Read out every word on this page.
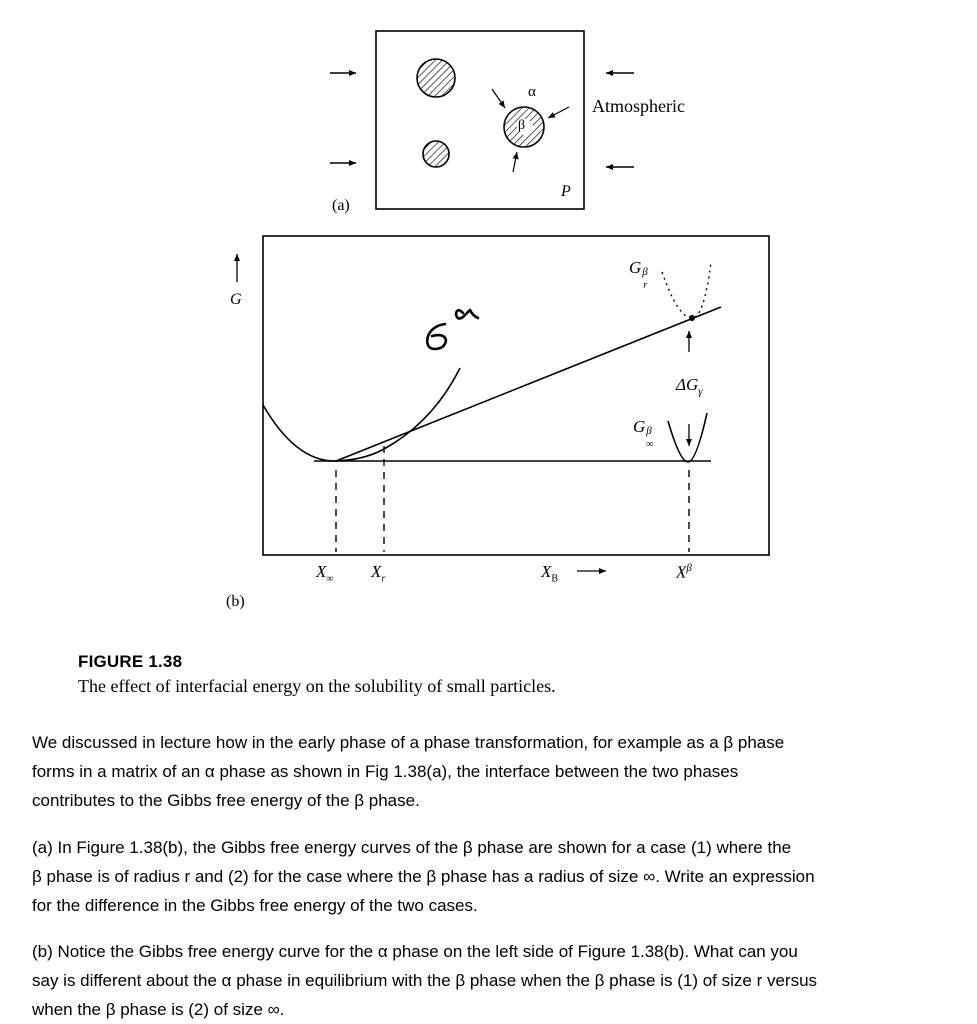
(a)
α
β
P
Atmospheric
(b)
G
G β
r
$\Delta G_\gamma$
G β
∞
$X_\infty$ $X_r$	$X_B$	$X^\beta$
FIGURE 1.38
The effect of interfacial energy on the solubility of small particles.

We discussed in lecture how in the early phase of a phase transformation, for example as a β phase
forms in a matrix of an α phase as shown in Fig 1.38(a), the interface between the two phases
contributes to the Gibbs free energy of the β phase.

(a) In Figure 1.38(b), the Gibbs free energy curves of the β phase are shown for a case (1) where the
β phase is of radius r and (2) for the case where the β phase has a radius of size ∞. Write an expression
for the difference in the Gibbs free energy of the two cases.

(b) Notice the Gibbs free energy curve for the α phase on the left side of Figure 1.38(b). What can you
say is different about the α phase in equilibrium with the β phase when the β phase is (1) of size r versus
when the β phase is (2) of size ∞.
